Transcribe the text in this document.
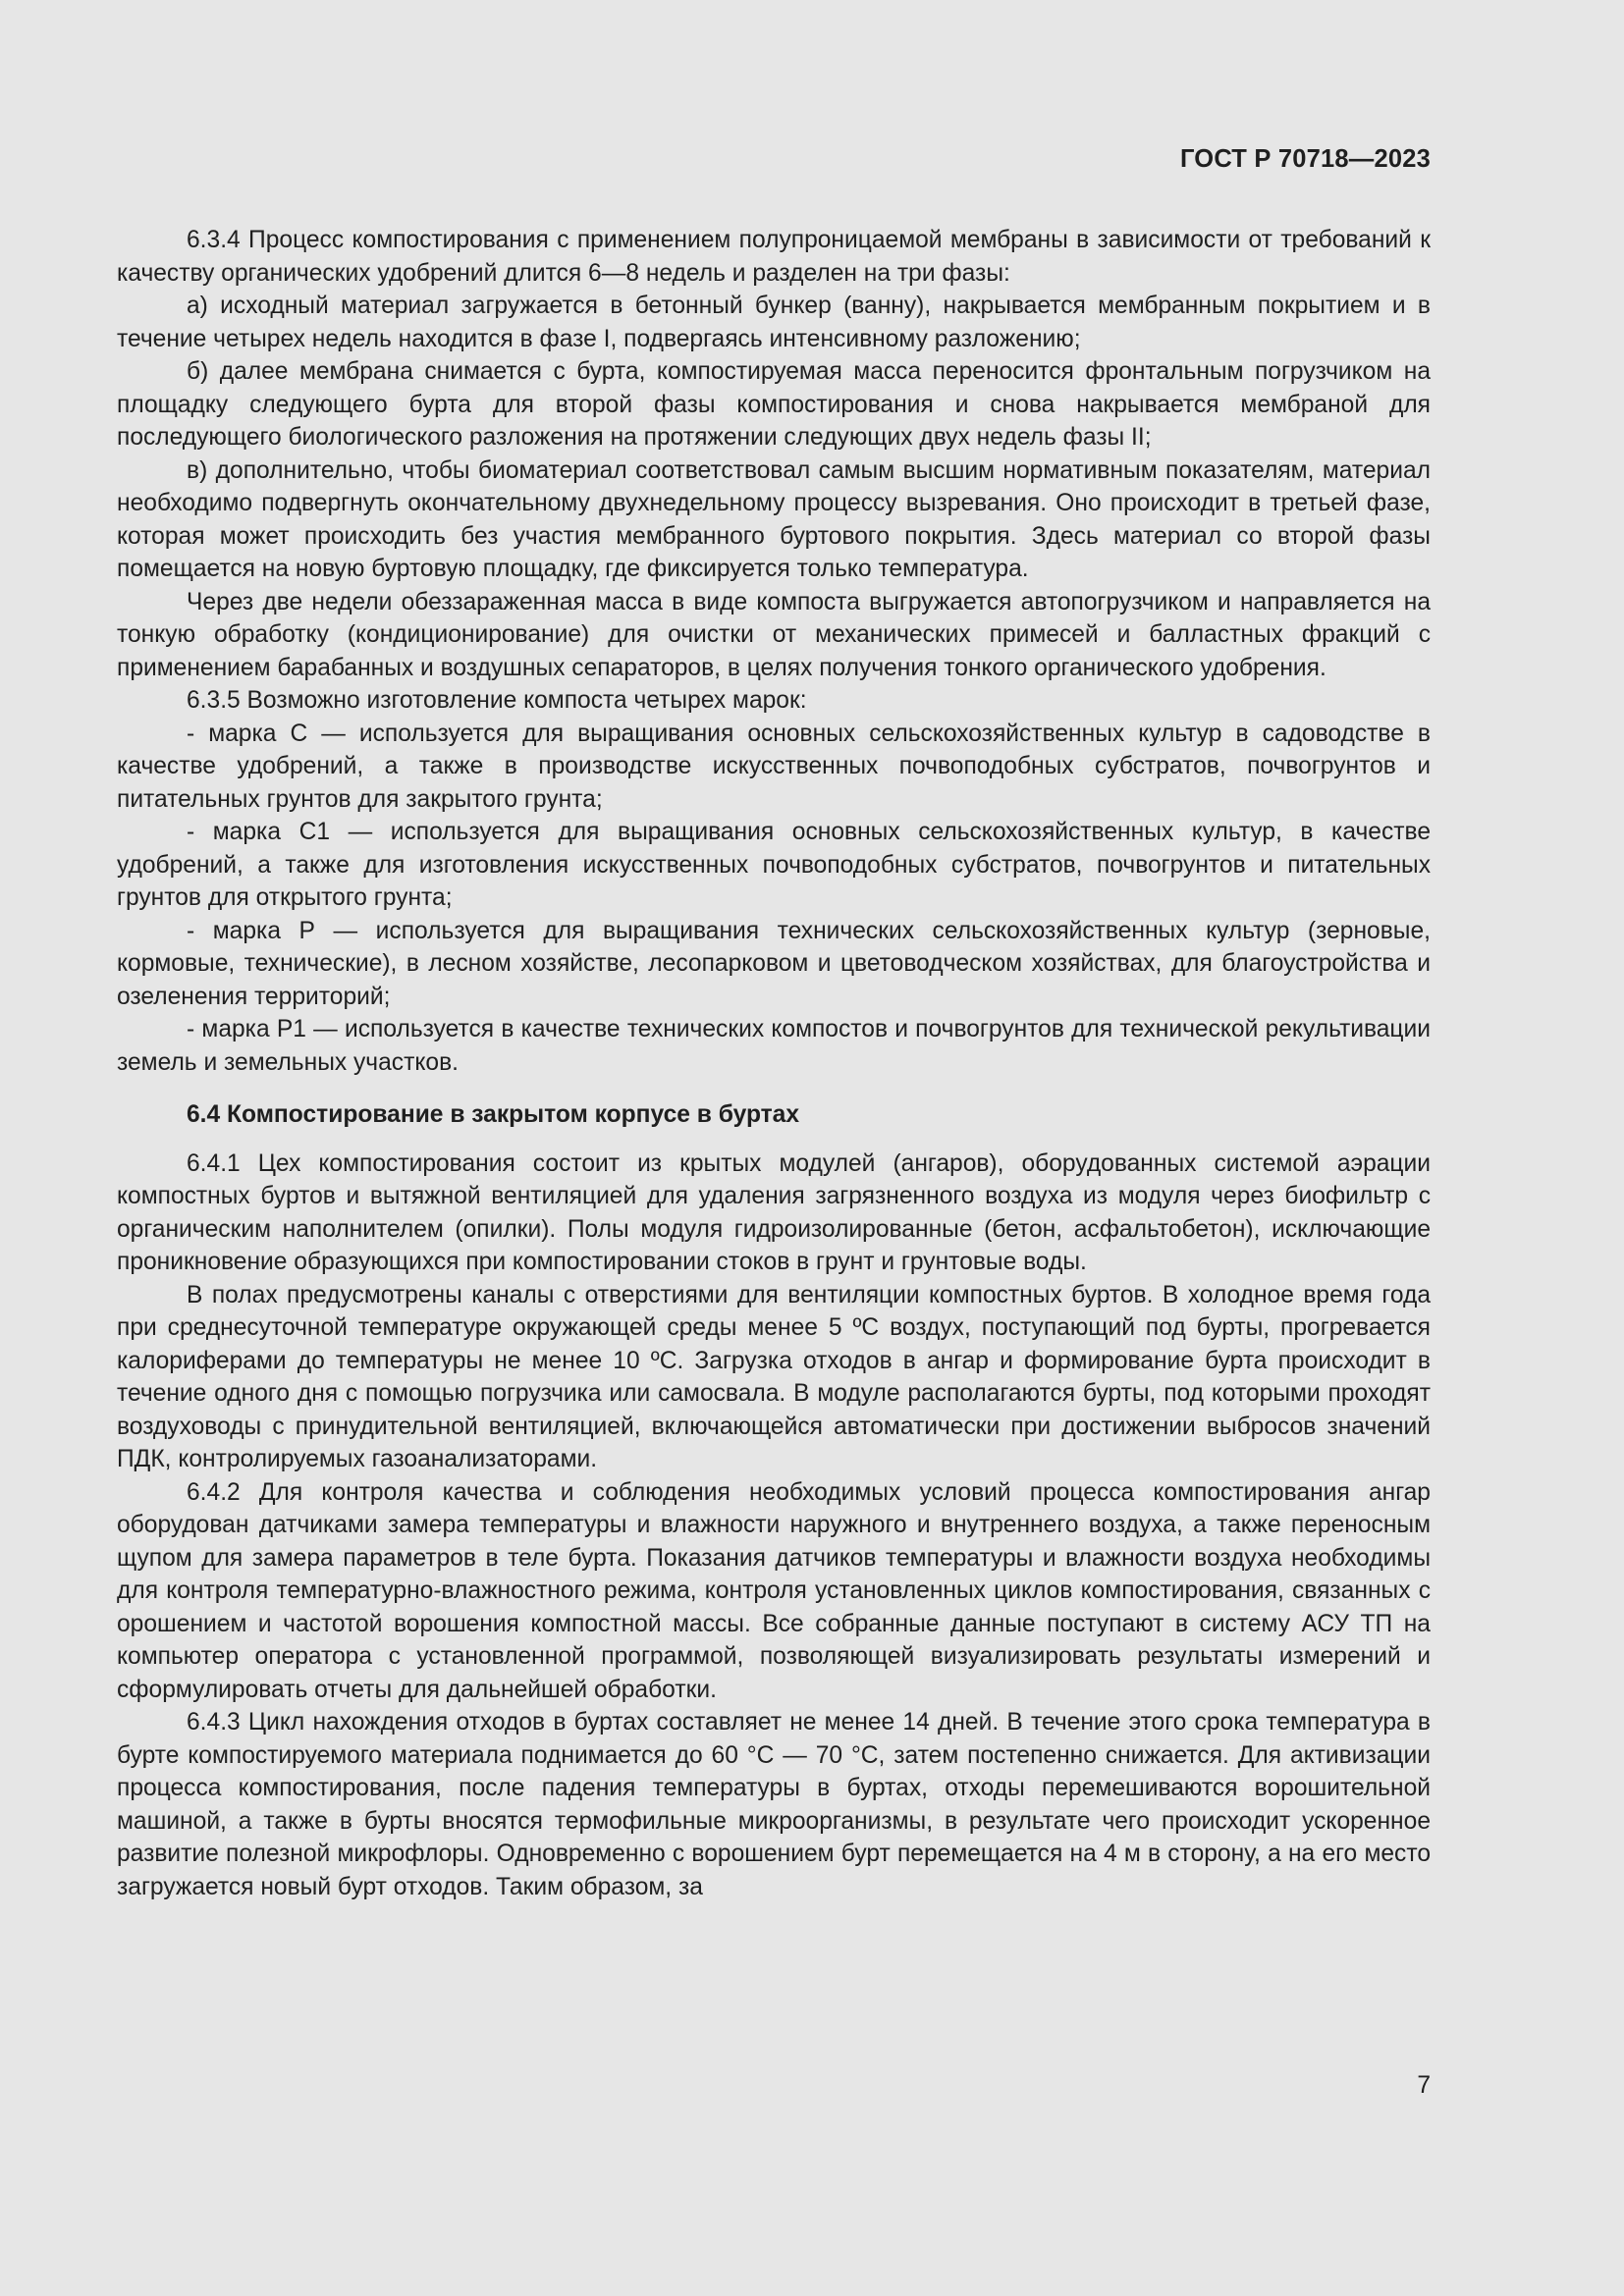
ГОСТ Р 70718—2023

6.3.4 Процесс компостирования с применением полупроницаемой мембраны в зависимости от требований к качеству органических удобрений длится 6—8 недель и разделен на три фазы:

а) исходный материал загружается в бетонный бункер (ванну), накрывается мембранным покрытием и в течение четырех недель находится в фазе I, подвергаясь интенсивному разложению;

б) далее мембрана снимается с бурта, компостируемая масса переносится фронтальным погрузчиком на площадку следующего бурта для второй фазы компостирования и снова накрывается мембраной для последующего биологического разложения на протяжении следующих двух недель фазы II;

в) дополнительно, чтобы биоматериал соответствовал самым высшим нормативным показателям, материал необходимо подвергнуть окончательному двухнедельному процессу вызревания. Оно происходит в третьей фазе, которая может происходить без участия мембранного буртового покрытия. Здесь материал со второй фазы помещается на новую буртовую площадку, где фиксируется только температура.

Через две недели обеззараженная масса в виде компоста выгружается автопогрузчиком и направляется на тонкую обработку (кондиционирование) для очистки от механических примесей и балластных фракций с применением барабанных и воздушных сепараторов, в целях получения тонкого органического удобрения.

6.3.5 Возможно изготовление компоста четырех марок:

- марка С — используется для выращивания основных сельскохозяйственных культур в садоводстве в качестве удобрений, а также в производстве искусственных почвоподобных субстратов, почвогрунтов и питательных грунтов для закрытого грунта;

- марка С1 — используется для выращивания основных сельскохозяйственных культур, в качестве удобрений, а также для изготовления искусственных почвоподобных субстратов, почвогрунтов и питательных грунтов для открытого грунта;

- марка Р — используется для выращивания технических сельскохозяйственных культур (зерновые, кормовые, технические), в лесном хозяйстве, лесопарковом и цветоводческом хозяйствах, для благоустройства и озеленения территорий;

- марка Р1 — используется в качестве технических компостов и почвогрунтов для технической рекультивации земель и земельных участков.

6.4 Компостирование в закрытом корпусе в буртах

6.4.1 Цех компостирования состоит из крытых модулей (ангаров), оборудованных системой аэрации компостных буртов и вытяжной вентиляцией для удаления загрязненного воздуха из модуля через биофильтр с органическим наполнителем (опилки). Полы модуля гидроизолированные (бетон, асфальтобетон), исключающие проникновение образующихся при компостировании стоков в грунт и грунтовые воды.

В полах предусмотрены каналы с отверстиями для вентиляции компостных буртов. В холодное время года при среднесуточной температуре окружающей среды менее 5 ºС воздух, поступающий под бурты, прогревается калориферами до температуры не менее 10 ºС. Загрузка отходов в ангар и формирование бурта происходит в течение одного дня с помощью погрузчика или самосвала. В модуле располагаются бурты, под которыми проходят воздуховоды с принудительной вентиляцией, включающейся автоматически при достижении выбросов значений ПДК, контролируемых газоанализаторами.

6.4.2 Для контроля качества и соблюдения необходимых условий процесса компостирования ангар оборудован датчиками замера температуры и влажности наружного и внутреннего воздуха, а также переносным щупом для замера параметров в теле бурта. Показания датчиков температуры и влажности воздуха необходимы для контроля температурно-влажностного режима, контроля установленных циклов компостирования, связанных с орошением и частотой ворошения компостной массы. Все собранные данные поступают в систему АСУ ТП на компьютер оператора с установленной программой, позволяющей визуализировать результаты измерений и сформулировать отчеты для дальнейшей обработки.

6.4.3 Цикл нахождения отходов в буртах составляет не менее 14 дней. В течение этого срока температура в бурте компостируемого материала поднимается до 60 °С — 70 °С, затем постепенно снижается. Для активизации процесса компостирования, после падения температуры в буртах, отходы перемешиваются ворошительной машиной, а также в бурты вносятся термофильные микроорганизмы, в результате чего происходит ускоренное развитие полезной микрофлоры. Одновременно с ворошением бурт перемещается на 4 м в сторону, а на его место загружается новый бурт отходов. Таким образом, за

7
